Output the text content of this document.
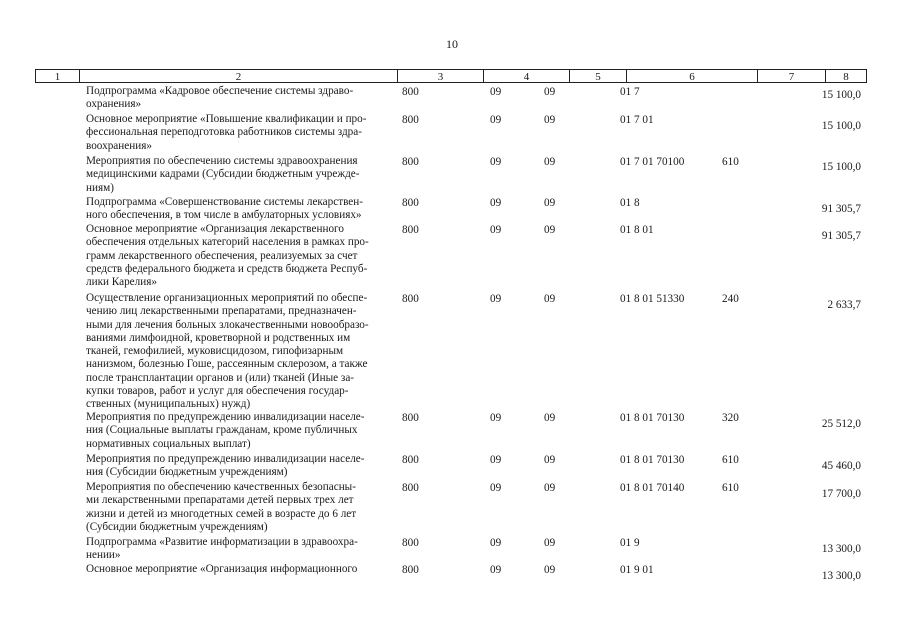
10
1	2	3	4	5	6	7	8
Подпрограмма «Кадровое обеспечение системы здраво-
охранения»
800	09	09	01 7	15 100,0
Основное мероприятие «Повышение квалификации и про-
фессиональная переподготовка работников системы здра-
воохранения»
800	09	09	01 7 01	15 100,0
Мероприятия по обеспечению системы здравоохранения
медицинскими кадрами (Субсидии бюджетным учрежде-
ниям)
800	09	09	01 7 01 70100	610	15 100,0
Подпрограмма «Совершенствование системы лекарствен-
ного обеспечения, в том числе в амбулаторных условиях»
800	09	09	01 8	91 305,7
Основное мероприятие «Организация лекарственного
обеспечения отдельных категорий населения в рамках про-
грамм лекарственного обеспечения, реализуемых за счет
средств федерального бюджета и средств бюджета Респуб-
лики Карелия»
800	09	09	01 8 01	91 305,7
Осуществление организационных мероприятий по обеспе-
чению лиц лекарственными препаратами, предназначен-
ными для лечения больных злокачественными новообразо-
ваниями лимфоидной, кроветворной и родственных им
тканей, гемофилией, муковисцидозом, гипофизарным
нанизмом, болезнью Гоше, рассеянным склерозом, а также
после трансплантации органов и (или) тканей (Иные за-
купки товаров, работ и услуг для обеспечения государ-
ственных (муниципальных) нужд)
800	09	09	01 8 01 51330	240	2 633,7
Мероприятия по предупреждению инвалидизации населе-
ния (Социальные выплаты гражданам, кроме публичных
нормативных социальных выплат)
800	09	09	01 8 01 70130	320	25 512,0
Мероприятия по предупреждению инвалидизации населе-
ния (Субсидии бюджетным учреждениям)
800	09	09	01 8 01 70130	610	45 460,0
Мероприятия по обеспечению качественных безопасны-
ми лекарственными препаратами детей первых трех лет
жизни и детей из многодетных семей в возрасте до 6 лет
(Субсидии бюджетным учреждениям)
800	09	09	01 8 01 70140	610	17 700,0
Подпрограмма «Развитие информатизации в здравоохра-
нении»
800	09	09	01 9	13 300,0
Основное мероприятие «Организация информационного	800	09	09	01 9 01	13 300,0
